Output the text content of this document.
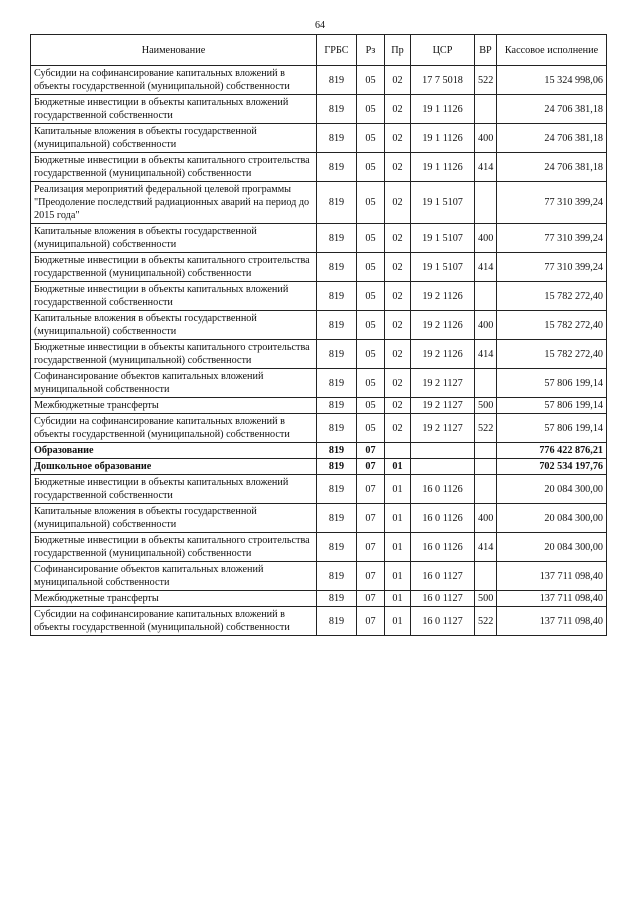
64
Наименование	ГРБС	Рз	Пр	ЦСР	ВР	Кассовое исполнение
Субсидии на софинансирование капитальных вложений в объекты государственной (муниципальной) собственности	819	05	02	17 7 5018	522	15 324 998,06
Бюджетные инвестиции в объекты капитальных вложений государственной собственности	819	05	02	19 1 1126		24 706 381,18
Капитальные вложения в объекты государственной (муниципальной) собственности	819	05	02	19 1 1126	400	24 706 381,18
Бюджетные инвестиции в объекты капитального строительства государственной (муниципальной) собственности	819	05	02	19 1 1126	414	24 706 381,18
Реализация мероприятий федеральной целевой программы "Преодоление последствий радиационных аварий на период до 2015 года"	819	05	02	19 1 5107		77 310 399,24
Капитальные вложения в объекты государственной (муниципальной) собственности	819	05	02	19 1 5107	400	77 310 399,24
Бюджетные инвестиции в объекты капитального строительства государственной (муниципальной) собственности	819	05	02	19 1 5107	414	77 310 399,24
Бюджетные инвестиции в объекты капитальных вложений государственной собственности	819	05	02	19 2 1126		15 782 272,40
Капитальные вложения в объекты государственной (муниципальной) собственности	819	05	02	19 2 1126	400	15 782 272,40
Бюджетные инвестиции в объекты капитального строительства государственной (муниципальной) собственности	819	05	02	19 2 1126	414	15 782 272,40
Софинансирование объектов капитальных вложений муниципальной собственности	819	05	02	19 2 1127		57 806 199,14
Межбюджетные трансферты	819	05	02	19 2 1127	500	57 806 199,14
Субсидии на софинансирование капитальных вложений в объекты государственной (муниципальной) собственности	819	05	02	19 2 1127	522	57 806 199,14
Образование	819	07				776 422 876,21
Дошкольное образование	819	07	01			702 534 197,76
Бюджетные инвестиции в объекты капитальных вложений государственной собственности	819	07	01	16 0 1126		20 084 300,00
Капитальные вложения в объекты государственной (муниципальной) собственности	819	07	01	16 0 1126	400	20 084 300,00
Бюджетные инвестиции в объекты капитального строительства государственной (муниципальной) собственности	819	07	01	16 0 1126	414	20 084 300,00
Софинансирование объектов капитальных вложений муниципальной собственности	819	07	01	16 0 1127		137 711 098,40
Межбюджетные трансферты	819	07	01	16 0 1127	500	137 711 098,40
Субсидии на софинансирование капитальных вложений в объекты государственной (муниципальной) собственности	819	07	01	16 0 1127	522	137 711 098,40
